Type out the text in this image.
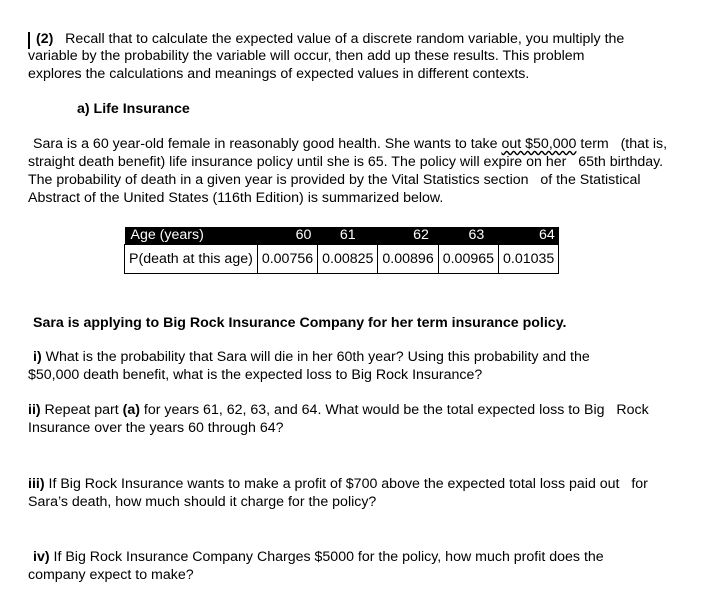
(2) Recall that to calculate the expected value of a discrete random variable, you multiply the
variable by the probability the variable will occur, then add up these results. This problem
explores the calculations and meanings of expected values in different contexts.
a) Life Insurance
Sara is a 60 year-old female in reasonably good health. She wants to take out $50,000 term   (that is,
straight death benefit) life insurance policy until she is 65. The policy will expire on her   65th birthday.
The probability of death in a given year is provided by the Vital Statistics section   of the Statistical
Abstract of the United States (116th Edition) is summarized below.
Age (years)	60	61	62	63	64
P(death at this age)	0.00756	0.00825	0.00896	0.00965	0.01035
Sara is applying to Big Rock Insurance Company for her term insurance policy.
i) What is the probability that Sara will die in her 60th year? Using this probability and the
$50,000 death benefit, what is the expected loss to Big Rock Insurance?
ii) Repeat part (a) for years 61, 62, 63, and 64. What would be the total expected loss to Big   Rock
Insurance over the years 60 through 64?
iii) If Big Rock Insurance wants to make a profit of $700 above the expected total loss paid out   for
Sara’s death, how much should it charge for the policy?
iv) If Big Rock Insurance Company Charges $5000 for the policy, how much profit does the
company expect to make?
